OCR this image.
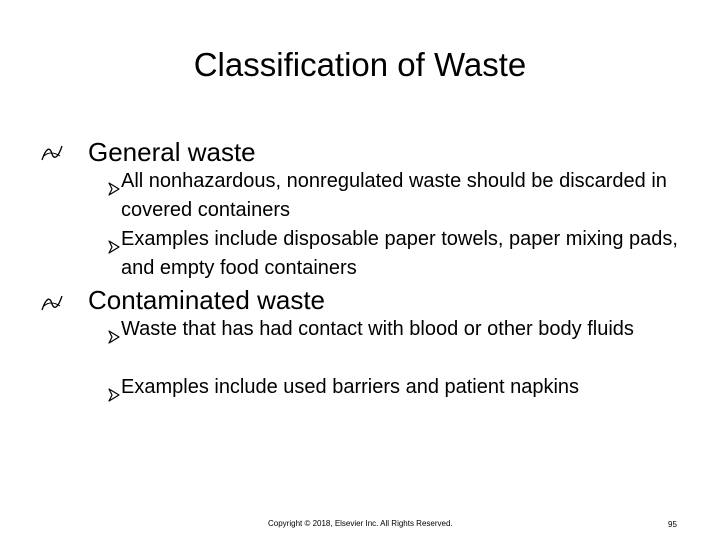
Classification of Waste
General waste
All nonhazardous, nonregulated waste should be discarded in covered containers
Examples include disposable paper towels, paper mixing pads, and empty food containers
Contaminated waste
Waste that has had contact with blood or other body fluids
Examples include used barriers and patient napkins
Copyright © 2018, Elsevier Inc. All Rights Reserved.	95
